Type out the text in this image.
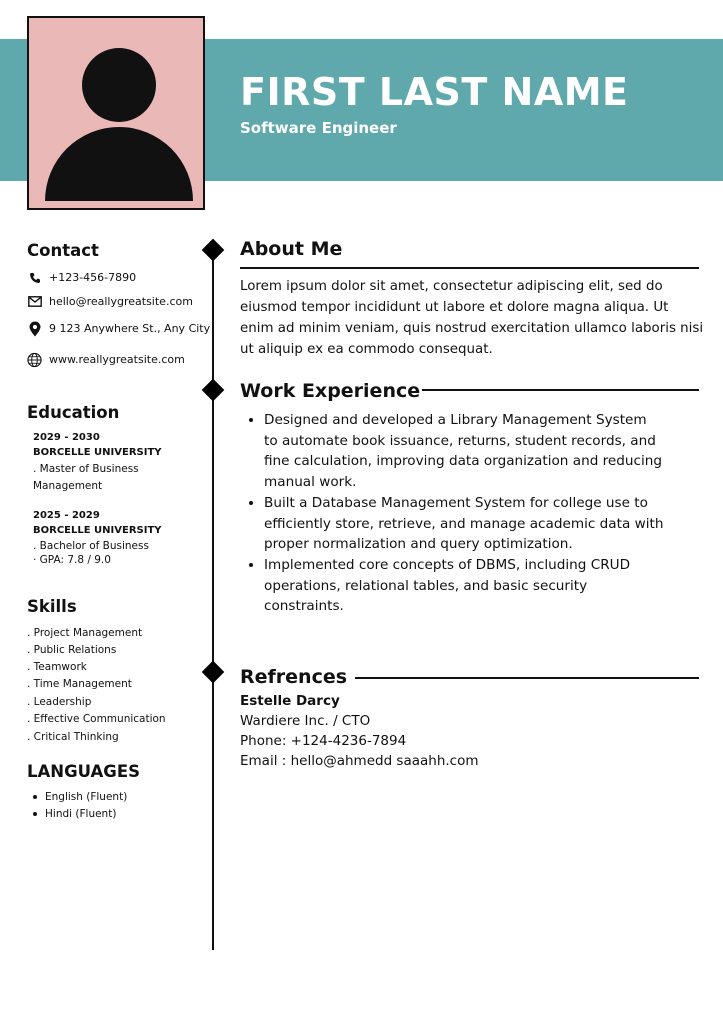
FIRST LAST NAME
Software Engineer
Contact
+123-456-7890
hello@reallygreatsite.com
9 123 Anywhere St., Any City
www.reallygreatsite.com
Education
2029 - 2030
BORCELLE UNIVERSITY
. Master of Business Management
2025 - 2029
BORCELLE UNIVERSITY
. Bachelor of Business
· GPA: 7.8 / 9.0
Skills
. Project Management
. Public Relations
. Teamwork
. Time Management
. Leadership
. Effective Communication
. Critical Thinking
LANGUAGES
English (Fluent)
Hindi (Fluent)
About Me
Lorem ipsum dolor sit amet, consectetur adipiscing elit, sed do eiusmod tempor incididunt ut labore et dolore magna aliqua. Ut enim ad minim veniam, quis nostrud exercitation ullamco laboris nisi ut aliquip ex ea commodo consequat.
Work Experience
• Designed and developed a Library Management System to automate book issuance, returns, student records, and fine calculation, improving data organization and reducing manual work.
• Built a Database Management System for college use to efficiently store, retrieve, and manage academic data with proper normalization and query optimization.
• Implemented core concepts of DBMS, including CRUD operations, relational tables, and basic security constraints.
Refrences
Estelle Darcy
Wardiere Inc. / CTO
Phone: +124-4236-7894
Email : hello@ahmedd saaahh.com
